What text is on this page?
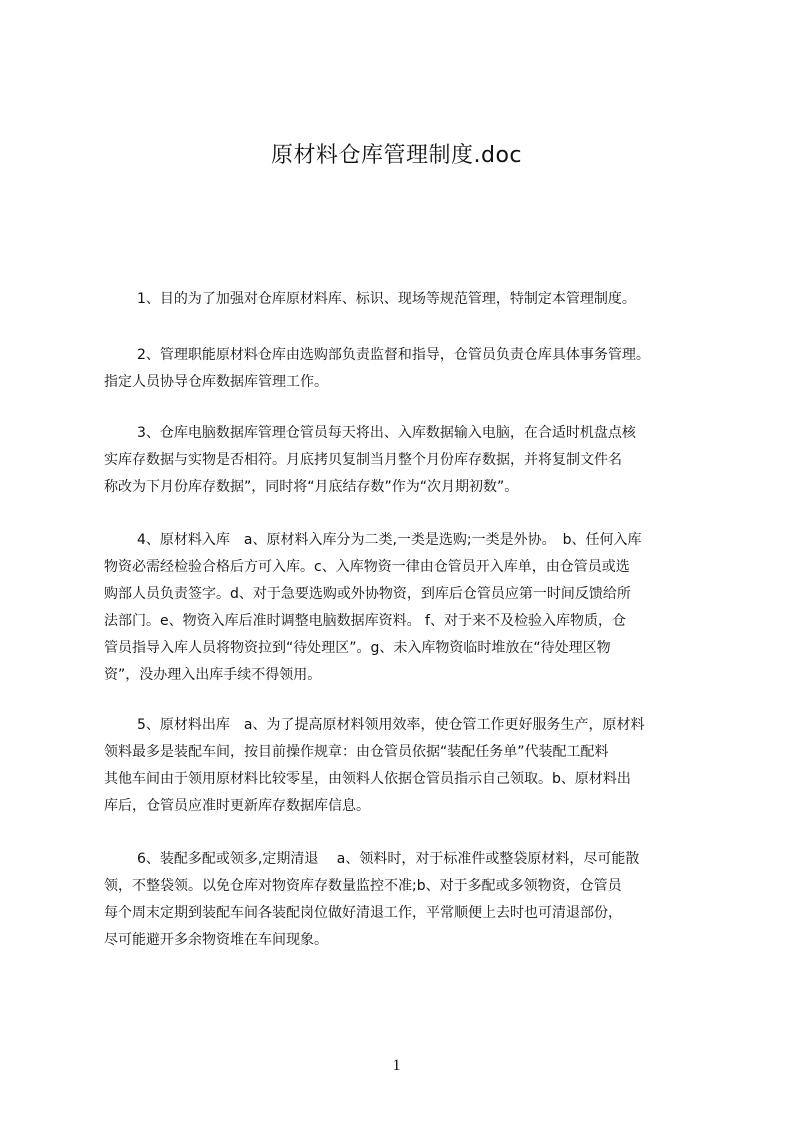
原材料仓库管理制度.doc
1、目的为了加强对仓库原材料库、标识、现场等规范管理，特制定本管理制度。
2、管理职能原材料仓库由选购部负责监督和指导，仓管员负责仓库具体事务管理。
指定人员协导仓库数据库管理工作。
3、仓库电脑数据库管理仓管员每天将出、入库数据输入电脑，在合适时机盘点核
实库存数据与实物是否相符。月底拷贝复制当月整个月份库存数据，并将复制文件名
称改为下月份库存数据”，同时将“月底结存数”作为“次月期初数”。
4、原材料入库　a、原材料入库分为二类,一类是选购;一类是外协。　b、任何入库
物资必需经检验合格后方可入库。c、入库物资一律由仓管员开入库单，由仓管员或选
购部人员负责签字。d、对于急要选购或外协物资，到库后仓管员应第一时间反馈给所
法部门。e、物资入库后准时调整电脑数据库资料。 f、对于来不及检验入库物质，仓
管员指导入库人员将物资拉到“待处理区”。g、未入库物资临时堆放在“待处理区物
资”，没办理入出库手续不得领用。
5、原材料出库　a、为了提高原材料领用效率，使仓管工作更好服务生产，原材料
领料最多是装配车间，按目前操作规章：由仓管员依据“装配任务单”代装配工配料
其他车间由于领用原材料比较零星，由领料人依据仓管员指示自己领取。b、原材料出
库后，仓管员应准时更新库存数据库信息。
6、装配多配或领多,定期清退　 a、领料时，对于标准件或整袋原材料，尽可能散
领，不整袋领。以免仓库对物资库存数量监控不准;b、对于多配或多领物资，仓管员
每个周末定期到装配车间各装配岗位做好清退工作，平常顺便上去时也可清退部份，
尽可能避开多余物资堆在车间现象。
1
